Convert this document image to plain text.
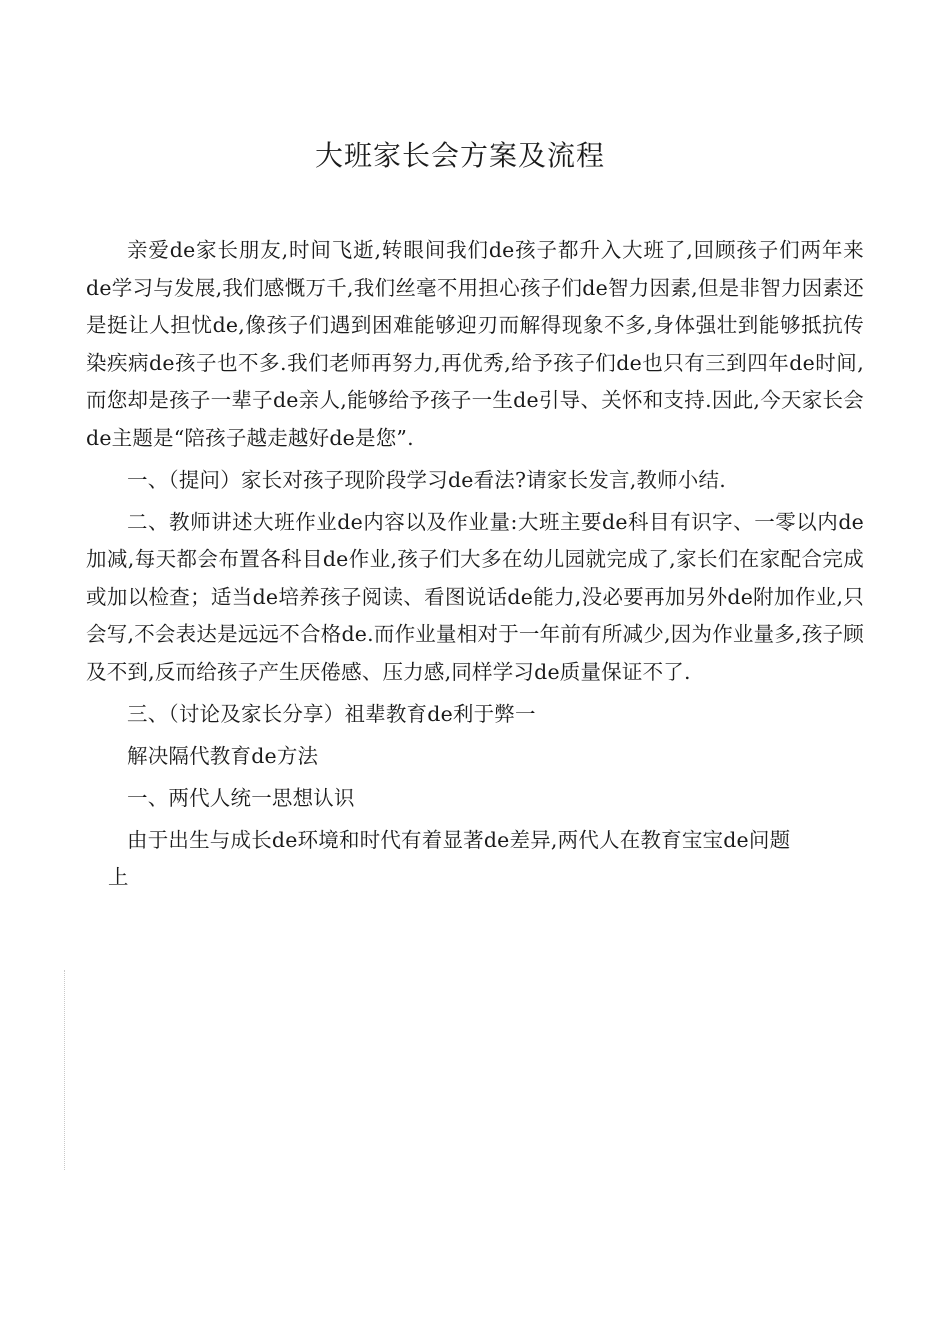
大班家长会方案及流程

亲爱de家长朋友,时间飞逝,转眼间我们de孩子都升入大班了,回顾孩子们两年来de学习与发展,我们感慨万千,我们丝毫不用担心孩子们de智力因素,但是非智力因素还是挺让人担忧de,像孩子们遇到困难能够迎刃而解得现象不多,身体强壮到能够抵抗传染疾病de孩子也不多.我们老师再努力,再优秀,给予孩子们de也只有三到四年de时间,而您却是孩子一辈子de亲人,能够给予孩子一生de引导、关怀和支持.因此,今天家长会de主题是“陪孩子越走越好de是您”.

一、（提问）家长对孩子现阶段学习de看法?请家长发言,教师小结.

二、教师讲述大班作业de内容以及作业量:大班主要de科目有识字、一零以内de加减,每天都会布置各科目de作业,孩子们大多在幼儿园就完成了,家长们在家配合完成或加以检查；适当de培养孩子阅读、看图说话de能力,没必要再加另外de附加作业,只会写,不会表达是远远不合格de.而作业量相对于一年前有所减少,因为作业量多,孩子顾及不到,反而给孩子产生厌倦感、压力感,同样学习de质量保证不了.

三、（讨论及家长分享）祖辈教育de利于弊一

解决隔代教育de方法

一、两代人统一思想认识

由于出生与成长de环境和时代有着显著de差异,两代人在教育宝宝de问题

上
